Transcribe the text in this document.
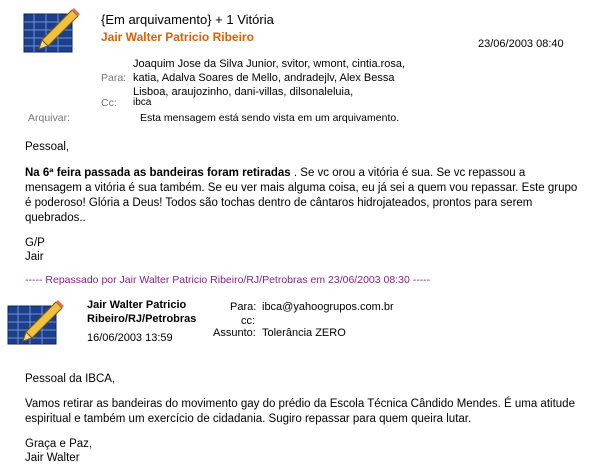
{Em arquivamento} + 1 Vitória
Jair Walter Patricio Ribeiro	23/06/2003 08:40
Joaquim Jose da Silva Junior, svitor, wmont, cintia.rosa,
Para: katia, Adalva Soares de Mello, andradejlv, Alex Bessa
Lisboa, araujozinho, dani-villas, dilsonaleluia,
Cc: ibca
Arquivar:	Esta mensagem está sendo vista em um arquivamento.
Pessoal,
Na 6ª feira passada as bandeiras foram retiradas . Se vc orou a vitória é sua. Se vc repassou a mensagem a vitória é sua também. Se eu ver mais alguma coisa, eu já sei a quem vou repassar. Este grupo é poderoso! Glória a Deus! Todos são tochas dentro de cântaros hidrojateados, prontos para serem quebrados..
G/P
Jair
----- Repassado por Jair Walter Patricio Ribeiro/RJ/Petrobras em 23/06/2003 08:30 -----
Jair Walter Patricio
Ribeiro/RJ/Petrobras
16/06/2003 13:59
Para: ibca@yahoogrupos.com.br
cc:
Assunto: Tolerância ZERO
Pessoal da IBCA,
Vamos retirar as bandeiras do movimento gay do prédio da Escola Técnica Cândido Mendes. É uma atitude espiritual e também um exercício de cidadania. Sugiro repassar para quem queira lutar.
Graça e Paz,
Jair Walter
